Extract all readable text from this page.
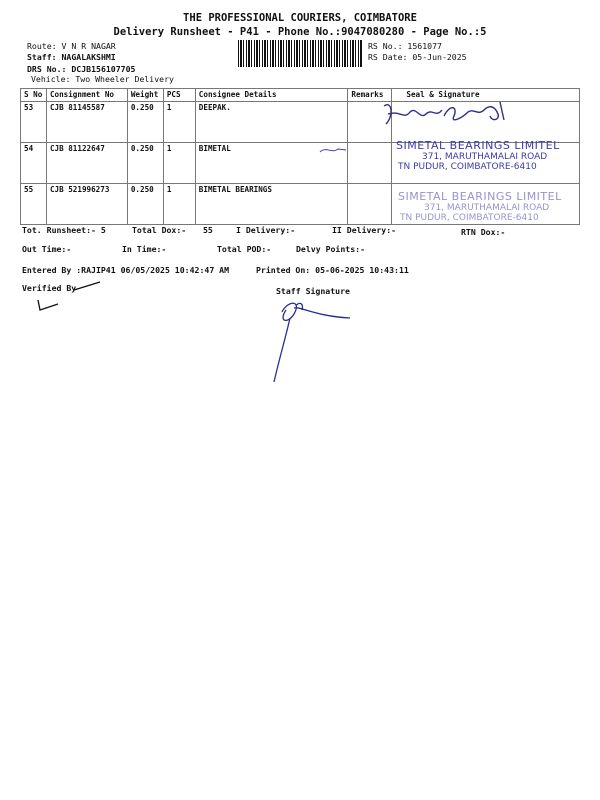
THE PROFESSIONAL COURIERS, COIMBATORE
Delivery Runsheet - P41 - Phone No.:9047080280 - Page No.:5
Route: V N R NAGAR
Staff: NAGALAKSHMI
DRS No.: DCJB156107705
Vehicle: Two Wheeler Delivery
RS No.: 1561077
RS Date: 05-Jun-2025
S No	Consignment No	Weight	PCS	Consignee Details	Remarks	Seal & Signature
53	CJB 81145587	0.250	1	DEEPAK.		
54	CJB 81122647	0.250	1	BIMETAL		
55	CJB 521996273	0.250	1	BIMETAL BEARINGS		
SIMETAL BEARINGS LIMITEL
371, MARUTHAMALAI ROAD
TN PUDUR, COIMBATORE-6410
SIMETAL BEARINGS LIMITEL
371, MARUTHAMALAI ROAD
TN PUDUR, COIMBATORE-6410
Tot. Runsheet:- 5	Total Dox:- 55	I Delivery:-	II Delivery:-	RTN Dox:-
Out Time:-	In Time:-	Total POD:-	Delvy Points:-
Entered By :RAJIP41 06/05/2025 10:42:47 AM	Printed On: 05-06-2025 10:43:11
Verified By	Staff Signature
